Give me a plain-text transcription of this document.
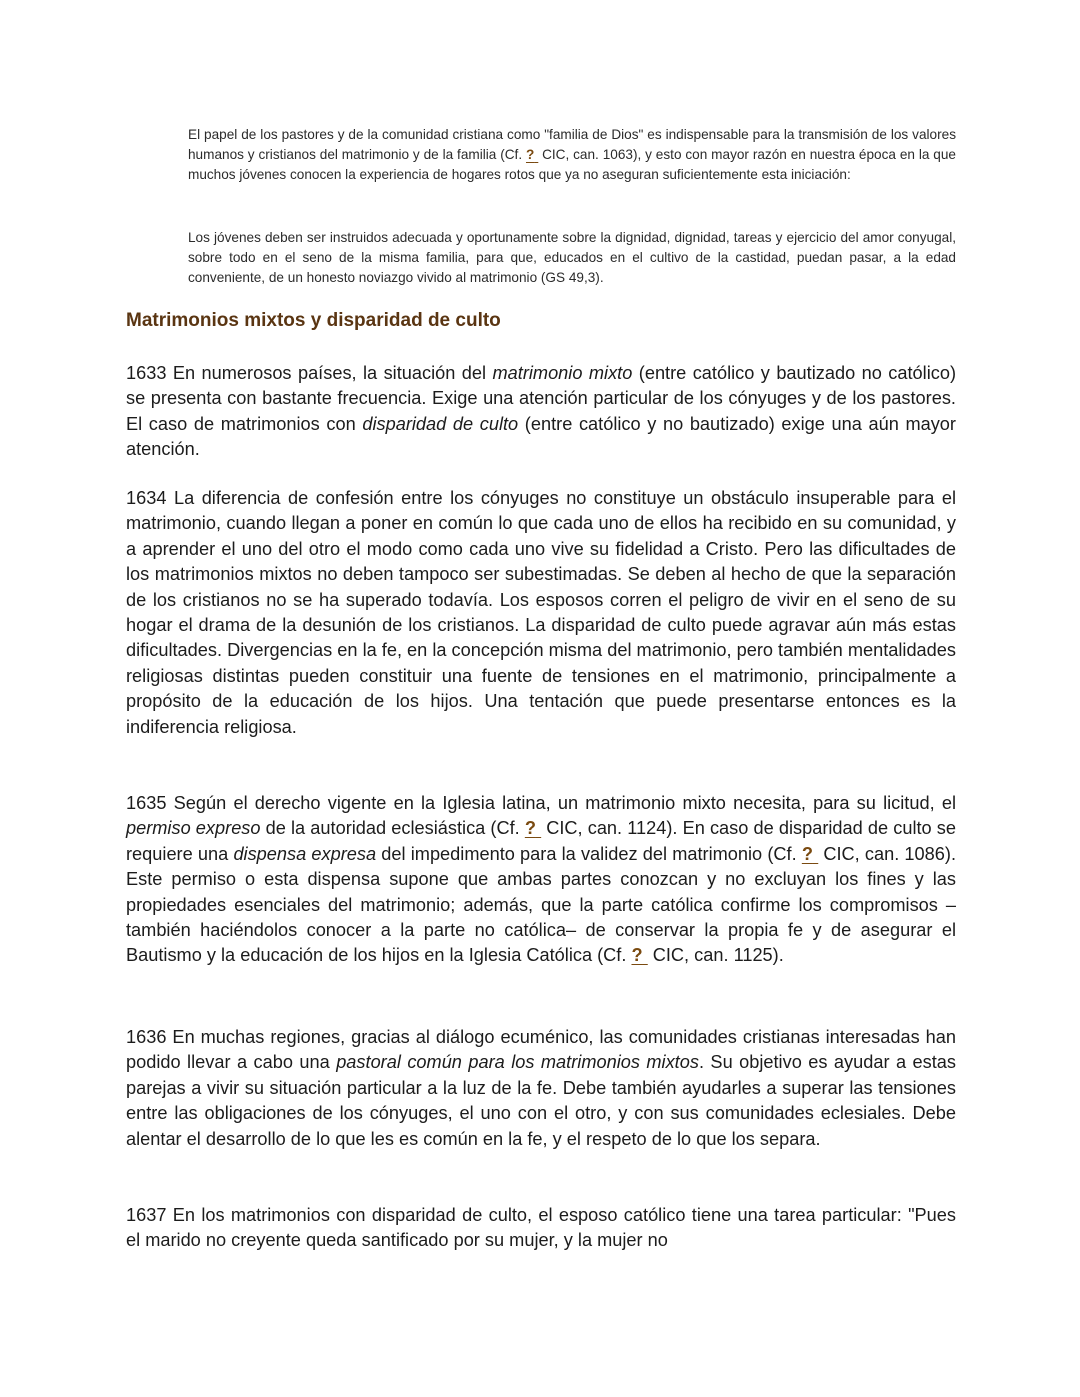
El papel de los pastores y de la comunidad cristiana como "familia de Dios" es indispensable para la transmisión de los valores humanos y cristianos del matrimonio y de la familia (Cf. ? CIC, can. 1063), y esto con mayor razón en nuestra época en la que muchos jóvenes conocen la experiencia de hogares rotos que ya no aseguran suficientemente esta iniciación:
Los jóvenes deben ser instruidos adecuada y oportunamente sobre la dignidad, dignidad, tareas y ejercicio del amor conyugal, sobre todo en el seno de la misma familia, para que, educados en el cultivo de la castidad, puedan pasar, a la edad conveniente, de un honesto noviazgo vivido al matrimonio (GS 49,3).
Matrimonios mixtos y disparidad de culto
1633 En numerosos países, la situación del matrimonio mixto (entre católico y bautizado no católico) se presenta con bastante frecuencia. Exige una atención particular de los cónyuges y de los pastores. El caso de matrimonios con disparidad de culto (entre católico y no bautizado) exige una aún mayor atención.
1634 La diferencia de confesión entre los cónyuges no constituye un obstáculo insuperable para el matrimonio, cuando llegan a poner en común lo que cada uno de ellos ha recibido en su comunidad, y a aprender el uno del otro el modo como cada uno vive su fidelidad a Cristo. Pero las dificultades de los matrimonios mixtos no deben tampoco ser subestimadas. Se deben al hecho de que la separación de los cristianos no se ha superado todavía. Los esposos corren el peligro de vivir en el seno de su hogar el drama de la desunión de los cristianos. La disparidad de culto puede agravar aún más estas dificultades. Divergencias en la fe, en la concepción misma del matrimonio, pero también mentalidades religiosas distintas pueden constituir una fuente de tensiones en el matrimonio, principalmente a propósito de la educación de los hijos. Una tentación que puede presentarse entonces es la indiferencia religiosa.
1635 Según el derecho vigente en la Iglesia latina, un matrimonio mixto necesita, para su licitud, el permiso expreso de la autoridad eclesiástica (Cf. ? CIC, can. 1124). En caso de disparidad de culto se requiere una dispensa expresa del impedimento para la validez del matrimonio (Cf. ? CIC, can. 1086). Este permiso o esta dispensa supone que ambas partes conozcan y no excluyan los fines y las propiedades esenciales del matrimonio; además, que la parte católica confirme los compromisos –también haciéndolos conocer a la parte no católica– de conservar la propia fe y de asegurar el Bautismo y la educación de los hijos en la Iglesia Católica (Cf. ? CIC, can. 1125).
1636 En muchas regiones, gracias al diálogo ecuménico, las comunidades cristianas interesadas han podido llevar a cabo una pastoral común para los matrimonios mixtos. Su objetivo es ayudar a estas parejas a vivir su situación particular a la luz de la fe. Debe también ayudarles a superar las tensiones entre las obligaciones de los cónyuges, el uno con el otro, y con sus comunidades eclesiales. Debe alentar el desarrollo de lo que les es común en la fe, y el respeto de lo que los separa.
1637 En los matrimonios con disparidad de culto, el esposo católico tiene una tarea particular: "Pues el marido no creyente queda santificado por su mujer, y la mujer no
